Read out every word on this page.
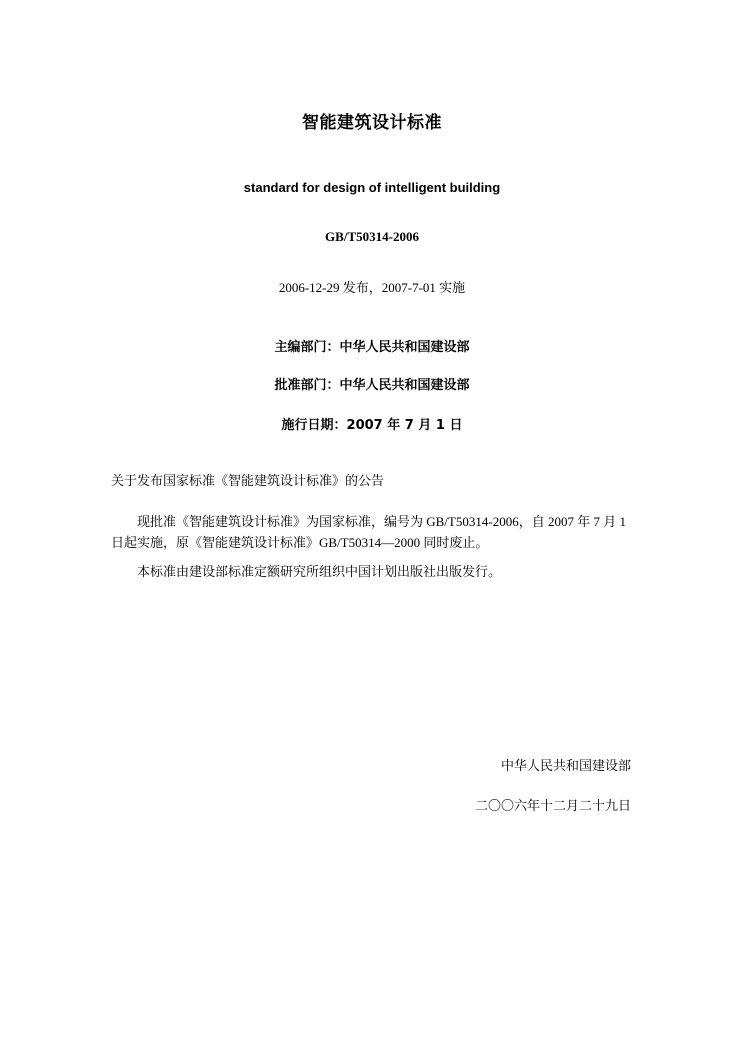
智能建筑设计标准
standard for design of intelligent building
GB/T50314-2006
2006-12-29 发布，2007-7-01 实施
主编部门：中华人民共和国建设部
批准部门：中华人民共和国建设部
施行日期：2007 年 7 月 1 日
关于发布国家标准《智能建筑设计标准》的公告
现批准《智能建筑设计标准》为国家标准，编号为 GB/T50314-2006，自 2007 年 7 月 1 日起实施，原《智能建筑设计标准》GB/T50314—2000 同时废止。
本标准由建设部标准定额研究所组织中国计划出版社出版发行。
中华人民共和国建设部
二〇〇六年十二月二十九日
